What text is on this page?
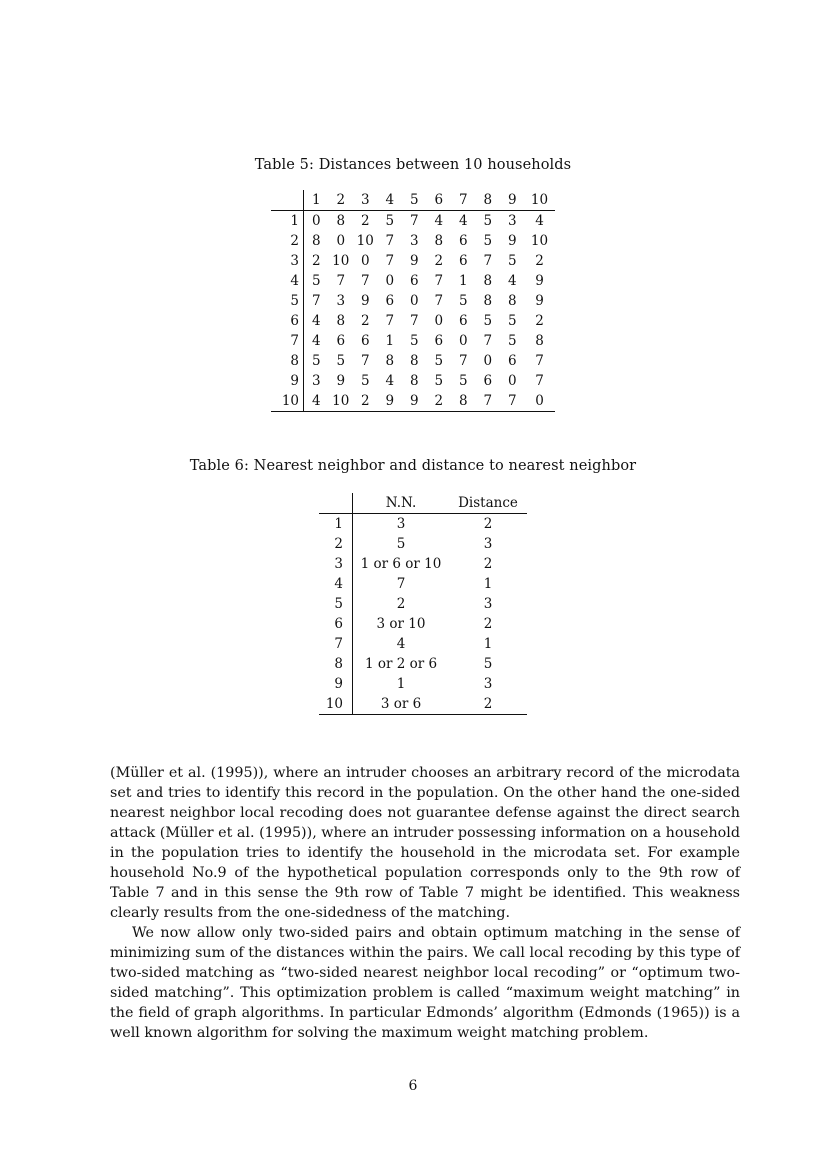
Table 5: Distances between 10 households
	1	2	3	4	5	6	7	8	9	10
1	0	8	2	5	7	4	4	5	3	4
2	8	0	10	7	3	8	6	5	9	10
3	2	10	0	7	9	2	6	7	5	2
4	5	7	7	0	6	7	1	8	4	9
5	7	3	9	6	0	7	5	8	8	9
6	4	8	2	7	7	0	6	5	5	2
7	4	6	6	1	5	6	0	7	5	8
8	5	5	7	8	8	5	7	0	6	7
9	3	9	5	4	8	5	5	6	0	7
10	4	10	2	9	9	2	8	7	7	0
Table 6: Nearest neighbor and distance to nearest neighbor
	N.N.	Distance
1	3	2
2	5	3
3	1 or 6 or 10	2
4	7	1
5	2	3
6	3 or 10	2
7	4	1
8	1 or 2 or 6	5
9	1	3
10	3 or 6	2

(Müller et al. (1995)), where an intruder chooses an arbitrary record of the microdata set and tries to identify this record in the population. On the other hand the one-sided nearest neighbor local recoding does not guarantee defense against the direct search attack (Müller et al. (1995)), where an intruder possessing information on a household in the population tries to identify the household in the microdata set. For example household No.9 of the hypothetical population corresponds only to the 9th row of Table 7 and in this sense the 9th row of Table 7 might be identified. This weakness clearly results from the one-sidedness of the matching.

We now allow only two-sided pairs and obtain optimum matching in the sense of minimizing sum of the distances within the pairs. We call local recoding by this type of two-sided matching as “two-sided nearest neighbor local recoding” or “optimum two-sided matching”. This optimization problem is called “maximum weight matching” in the field of graph algorithms. In particular Edmonds’ algorithm (Edmonds (1965)) is a well known algorithm for solving the maximum weight matching problem.

6
